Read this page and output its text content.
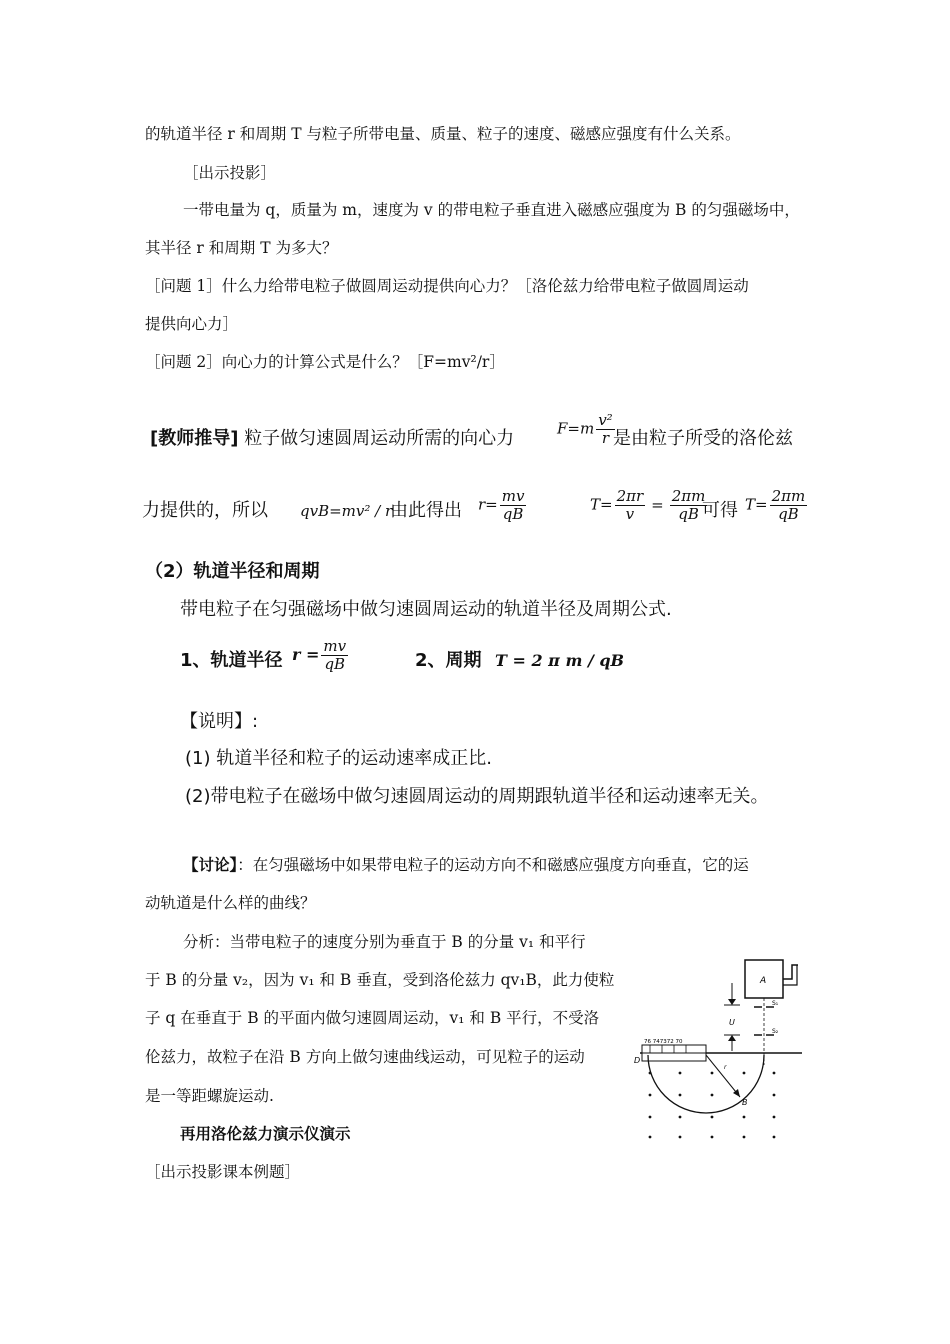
的轨道半径 r 和周期 T 与粒子所带电量、质量、粒子的速度、磁感应强度有什么关系。
［出示投影］
一带电量为 q，质量为 m，速度为 v 的带电粒子垂直进入磁感应强度为 B 的匀强磁场中，
其半径 r 和周期 T 为多大？
［问题 1］什么力给带电粒子做圆周运动提供向心力？［洛伦兹力给带电粒子做圆周运动
提供向心力］
［问题 2］向心力的计算公式是什么？［F=mv²/r］
[教师推导] 粒子做匀速圆周运动所需的向心力	$F=m \frac{\text{v²}}{r}$
是由粒子所受的洛伦兹
力提供的，所以 qvB=mv² / r
由此得出 $r= \frac{mv}{qB}$	$T= \frac{2\pi r}{v} = \frac{2\pi m}{qB}$
可得 $T= \frac{2\pi m}{qB}$
（2）轨道半径和周期
带电粒子在匀强磁场中做匀速圆周运动的轨道半径及周期公式.
1、轨道半径 $r = \frac{mv}{qB}$	2、周期 T = 2 π m / qB
【说明】:
(1) 轨道半径和粒子的运动速率成正比.
(2)带电粒子在磁场中做匀速圆周运动的周期跟轨道半径和运动速率无关。
【讨论】：在匀强磁场中如果带电粒子的运动方向不和磁感应强度方向垂直，它的运
动轨道是什么样的曲线？
分析：当带电粒子的速度分别为垂直于 B 的分量 v₁ 和平行
于 B 的分量 v₂，因为 v₁ 和 B 垂直，受到洛伦兹力 qv₁B，此力使粒
子 q 在垂直于 B 的平面内做匀速圆周运动，v₁ 和 B 平行，不受洛
伦兹力，故粒子在沿 B 方向上做匀速曲线运动，可见粒子的运动
是一等距螺旋运动.
再用洛伦兹力演示仪演示
［出示投影课本例题］
A
U
S₁
S₂
76 747372 70
D
r
B
